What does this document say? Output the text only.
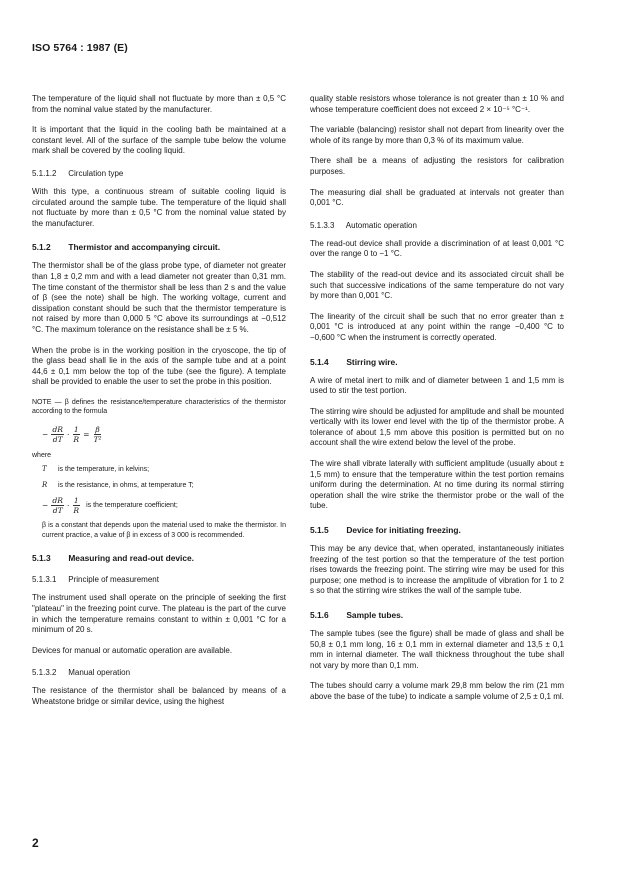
ISO 5764 : 1987 (E)

The temperature of the liquid shall not fluctuate by more than ± 0,5 °C from the nominal value stated by the manufacturer.

It is important that the liquid in the cooling bath be maintained at a constant level. All of the surface of the sample tube below the volume mark shall be covered by the cooling liquid.

5.1.1.2 Circulation type

With this type, a continuous stream of suitable cooling liquid is circulated around the sample tube. The temperature of the liquid shall not fluctuate by more than ± 0,5 °C from the nominal value stated by the manufacturer.

5.1.2 Thermistor and accompanying circuit.

The thermistor shall be of the glass probe type, of diameter not greater than 1,8 ± 0,2 mm and with a lead diameter not greater than 0,31 mm. The time constant of the thermistor shall be less than 2 s and the value of β (see the note) shall be high. The working voltage, current and dissipation constant should be such that the thermistor temperature is not raised by more than 0,000 5 °C above its surroundings at −0,512 °C. The maximum tolerance on the resistance shall be ± 5 %.

When the probe is in the working position in the cryoscope, the tip of the glass bead shall lie in the axis of the sample tube and at a point 44,6 ± 0,1 mm below the top of the tube (see the figure). A template shall be provided to enable the user to set the probe in this position.

NOTE — β defines the resistance/temperature characteristics of the thermistor according to the formula

− $\frac{dR}{dT} \cdot \frac{1}{R} = \frac{\beta}{\text{T²}}$
where
T	is the temperature, in kelvins;
R	is the resistance, in ohms, at temperature T;
− $\frac{dR}{dT} \cdot \frac{1}{R}$ is the temperature coefficient;

β is a constant that depends upon the material used to make the thermistor. In current practice, a value of β in excess of 3 000 is recommended.

5.1.3 Measuring and read-out device.
5.1.3.1 Principle of measurement

The instrument used shall operate on the principle of seeking the first "plateau" in the freezing point curve. The plateau is the part of the curve in which the temperature remains constant to within ± 0,001 °C for a minimum of 20 s.

Devices for manual or automatic operation are available.

5.1.3.2 Manual operation

The resistance of the thermistor shall be balanced by means of a Wheatstone bridge or similar device, using the highest

quality stable resistors whose tolerance is not greater than ± 10 % and whose temperature coefficient does not exceed 2 × 10⁻⁵ °C⁻¹.

The variable (balancing) resistor shall not depart from linearity over the whole of its range by more than 0,3 % of its maximum value.

There shall be a means of adjusting the resistors for calibration purposes.

The measuring dial shall be graduated at intervals not greater than 0,001 °C.

5.1.3.3 Automatic operation

The read-out device shall provide a discrimination of at least 0,001 °C over the range 0 to −1 °C.

The stability of the read-out device and its associated circuit shall be such that successive indications of the same temperature do not vary by more than 0,001 °C.

The linearity of the circuit shall be such that no error greater than ± 0,001 °C is introduced at any point within the range −0,400 °C to −0,600 °C when the instrument is correctly operated.

5.1.4 Stirring wire.

A wire of metal inert to milk and of diameter between 1 and 1,5 mm is used to stir the test portion.

The stirring wire should be adjusted for amplitude and shall be mounted vertically with its lower end level with the tip of the thermistor probe. A tolerance of about 1,5 mm above this position is permitted but on no account shall the wire extend below the level of the probe.

The wire shall vibrate laterally with sufficient amplitude (usually about ± 1,5 mm) to ensure that the temperature within the test portion remains uniform during the determination. At no time during its normal stirring operation shall the wire strike the thermistor probe or the wall of the tube.

5.1.5 Device for initiating freezing.

This may be any device that, when operated, instantaneously initiates freezing of the test portion so that the temperature of the test portion rises towards the freezing point. The stirring wire may be used for this purpose; one method is to increase the amplitude of vibration for 1 to 2 s so that the stirring wire strikes the wall of the sample tube.

5.1.6 Sample tubes.

The sample tubes (see the figure) shall be made of glass and shall be 50,8 ± 0,1 mm long, 16 ± 0,1 mm in external diameter and 13,5 ± 0,1 mm in internal diameter. The wall thickness throughout the tube shall not vary by more than 0,1 mm.

The tubes should carry a volume mark 29,8 mm below the rim (21 mm above the base of the tube) to indicate a sample volume of 2,5 ± 0,1 ml.

2
